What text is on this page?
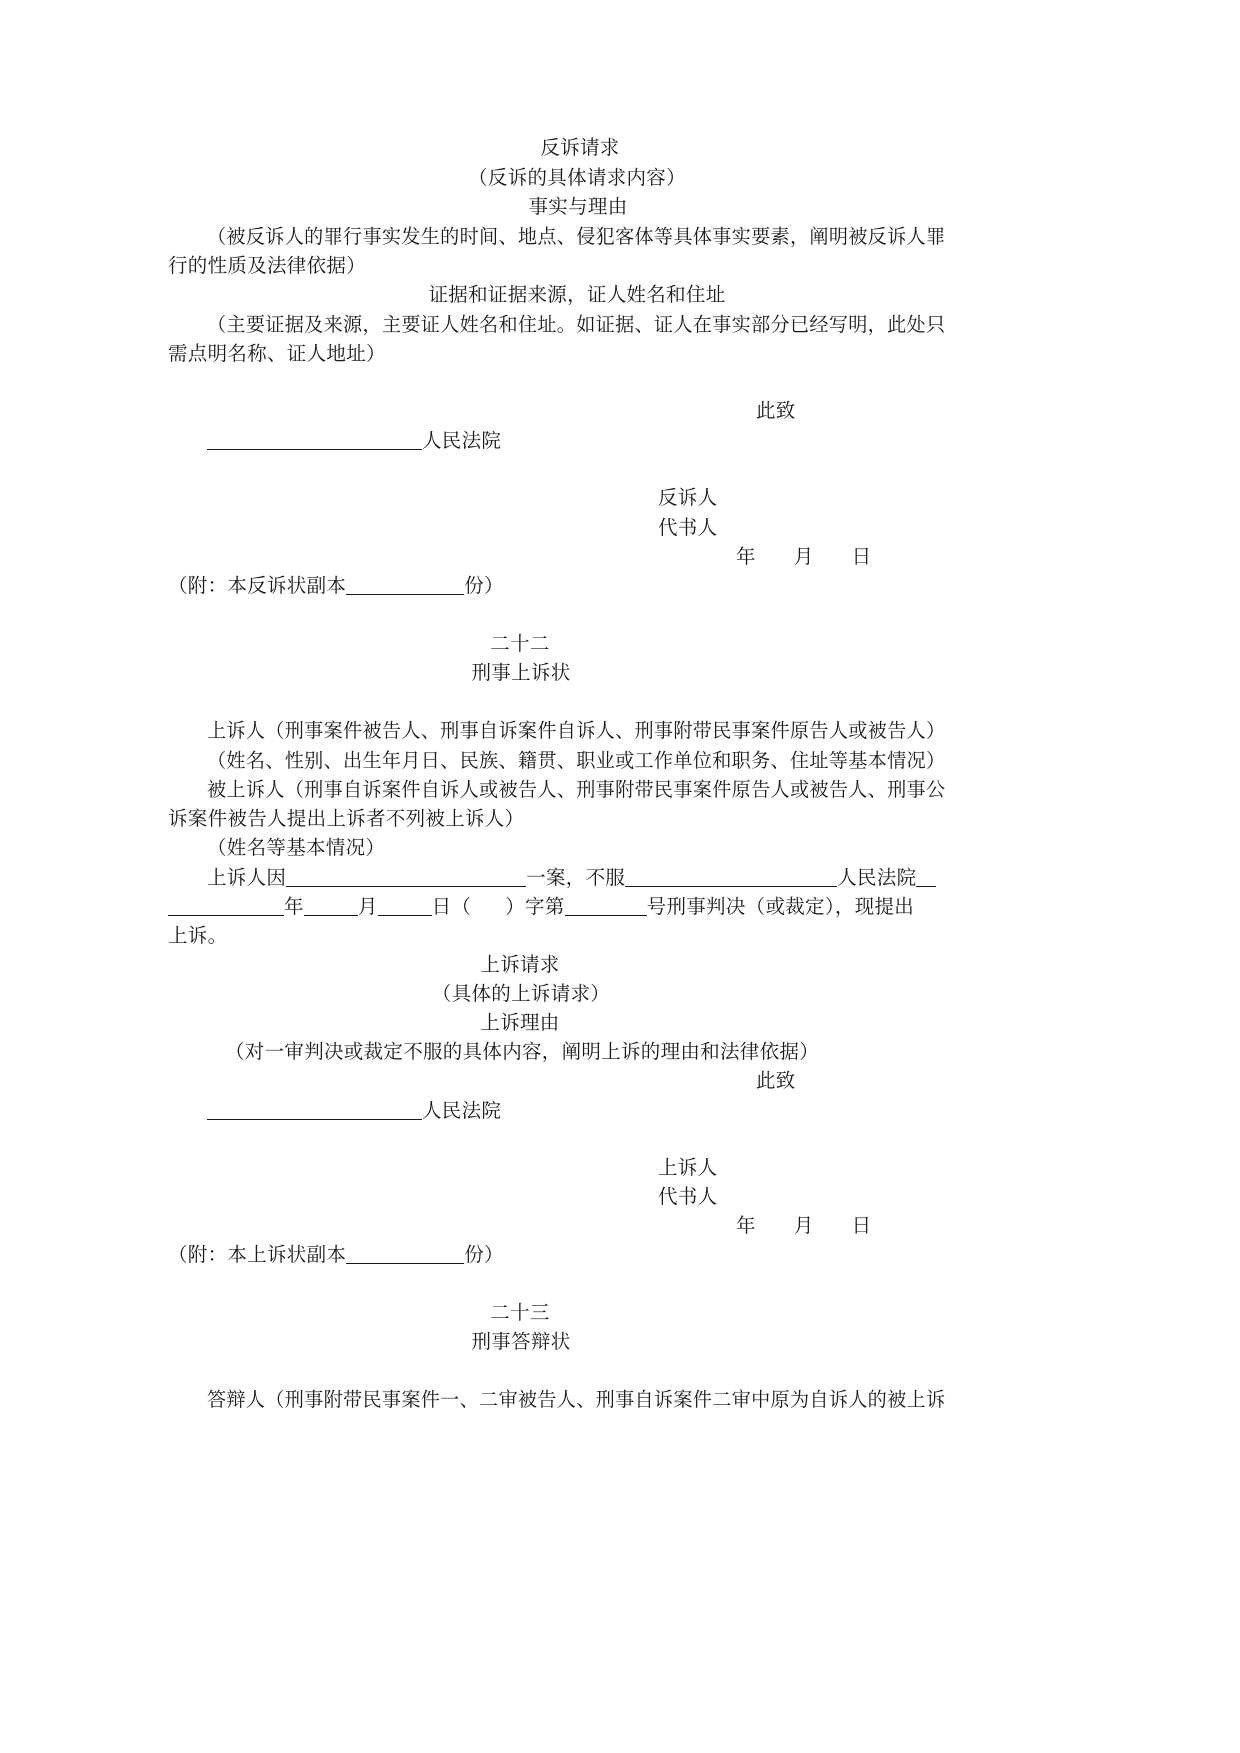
反诉请求
（反诉的具体请求内容）
事实与理由
（被反诉人的罪行事实发生的时间、地点、侵犯客体等具体事实要素，阐明被反诉人罪
行的性质及法律依据）
证据和证据来源，证人姓名和住址
（主要证据及来源，主要证人姓名和住址。如证据、证人在事实部分已经写明，此处只
需点明名称、证人地址）
此致
人民法院
反诉人
代书人
年 月 日
（附：本反诉状副本	份）
二十二
刑事上诉状
上诉人（刑事案件被告人、刑事自诉案件自诉人、刑事附带民事案件原告人或被告人）
（姓名、性别、出生年月日、民族、籍贯、职业或工作单位和职务、住址等基本情况）
被上诉人（刑事自诉案件自诉人或被告人、刑事附带民事案件原告人或被告人、刑事公
诉案件被告人提出上诉者不列被上诉人）
（姓名等基本情况）
上诉人因	一案，不服	人民法院
年	月	日（ ）字第	号刑事判决（或裁定），现提出
上诉。
上诉请求
（具体的上诉请求）
上诉理由
（对一审判决或裁定不服的具体内容，阐明上诉的理由和法律依据）
此致
人民法院
上诉人
代书人
年 月 日
（附：本上诉状副本	份）
二十三
刑事答辩状
答辩人（刑事附带民事案件一、二审被告人、刑事自诉案件二审中原为自诉人的被上诉
